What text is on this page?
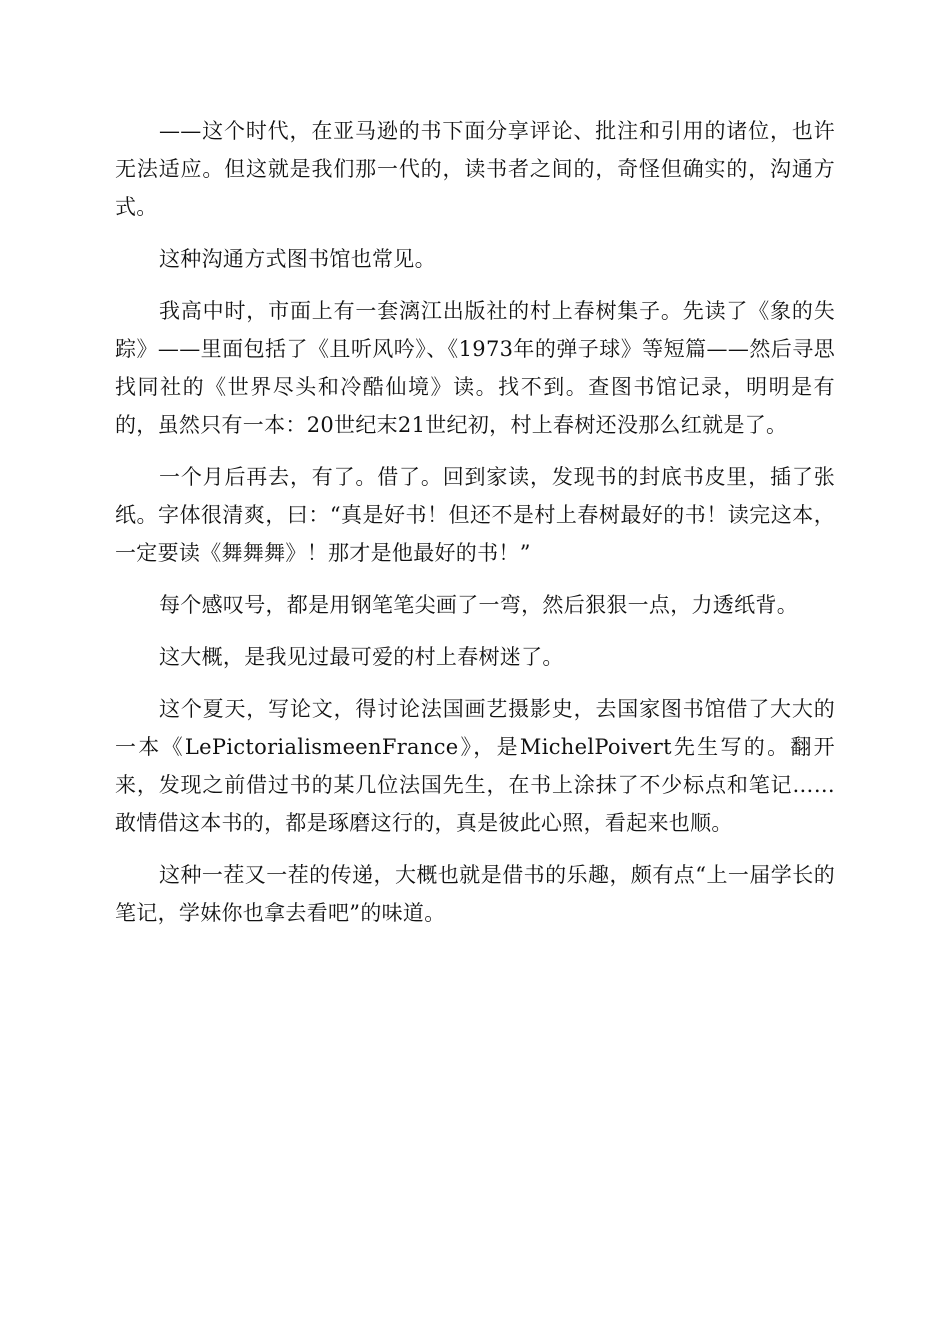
——这个时代，在亚马逊的书下面分享评论、批注和引用的诸位，也许无法适应。但这就是我们那一代的，读书者之间的，奇怪但确实的，沟通方式。

这种沟通方式图书馆也常见。

我高中时，市面上有一套漓江出版社的村上春树集子。先读了《象的失踪》——里面包括了《且听风吟》、《1973年的弹子球》等短篇——然后寻思找同社的《世界尽头和冷酷仙境》读。找不到。查图书馆记录，明明是有的，虽然只有一本：20世纪末21世纪初，村上春树还没那么红就是了。

一个月后再去，有了。借了。回到家读，发现书的封底书皮里，插了张纸。字体很清爽，曰：“真是好书！但还不是村上春树最好的书！读完这本，一定要读《舞舞舞》！那才是他最好的书！”

每个感叹号，都是用钢笔笔尖画了一弯，然后狠狠一点，力透纸背。

这大概，是我见过最可爱的村上春树迷了。

这个夏天，写论文，得讨论法国画艺摄影史，去国家图书馆借了大大的一本《LePictorialismeenFrance》，是MichelPoivert先生写的。翻开来，发现之前借过书的某几位法国先生，在书上涂抹了不少标点和笔记……敢情借这本书的，都是琢磨这行的，真是彼此心照，看起来也顺。

这种一茬又一茬的传递，大概也就是借书的乐趣，颇有点“上一届学长的笔记，学妹你也拿去看吧”的味道。
